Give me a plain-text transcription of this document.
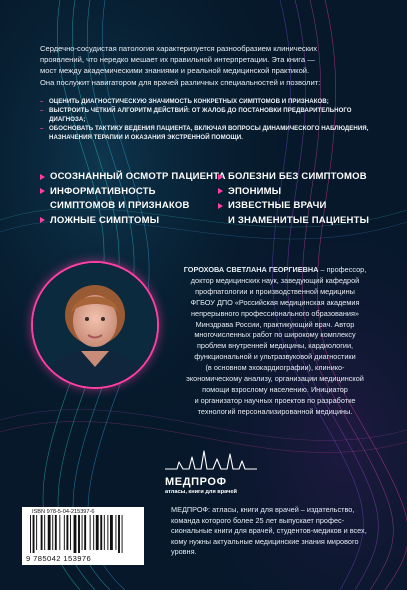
Сердечно-сосудистая патология характеризуется разнообразием клинических

проявлений, что нередко мешает их правильной интерпретации. Эта книга —

мост между академическими знаниями и реальной медицинской практикой.

Она послужит навигатором для врачей различных специальностей и позволит:

– ОЦЕНИТЬ ДИАГНОСТИЧЕСКУЮ ЗНАЧИМОСТЬ КОНКРЕТНЫХ СИМПТОМОВ И ПРИЗНАКОВ;
– ВЫСТРОИТЬ ЧЕТКИЙ АЛГОРИТМ ДЕЙСТВИЙ: ОТ ЖАЛОБ ДО ПОСТАНОВКИ ПРЕДВАРИТЕЛЬНОГО ДИАГНОЗА;
– ОБОСНОВАТЬ ТАКТИКУ ВЕДЕНИЯ ПАЦИЕНТА, ВКЛЮЧАЯ ВОПРОСЫ ДИНАМИЧЕСКОГО НАБЛЮДЕНИЯ,
НАЗНАЧЕНИЯ ТЕРАПИИ И ОКАЗАНИЯ ЭКСТРЕННОЙ ПОМОЩИ.
ОСОЗНАННЫЙ ОСМОТР ПАЦИЕНТА
ИНФОРМАТИВНОСТЬ
СИМПТОМОВ И ПРИЗНАКОВ
ЛОЖНЫЕ СИМПТОМЫ
БОЛЕЗНИ БЕЗ СИМПТОМОВ
ЭПОНИМЫ
ИЗВЕСТНЫЕ ВРАЧИ
И ЗНАМЕНИТЫЕ ПАЦИЕНТЫ
ГОРОХОВА СВЕТЛАНА ГЕОРГИЕВНА – профессор,
доктор медицинских наук, заведующий кафедрой
профпатологии и производственной медицины
ФГБОУ ДПО «Российская медицинская академия
непрерывного профессионального образования»
Минздрава России, практикующий врач. Автор
многочисленных работ по широкому комплексу
проблем внутренней медицины, кардиологии,
функциональной и ультразвуковой диагностики
(в основном эхокардиографии), клинико-
экономическому анализу, организации медицинской
помощи взрослому населению. Инициатор
и организатор научных проектов по разработке
технологий персонализированной медицины.
МЕДПРОФ
атласы, книги для врачей
МЕДПРОФ: атласы, книги для врачей – издательство,
команда которого более 25 лет выпускает профес-
сиональные книги для врачей, студентов-медиков и всех,
кому нужны актуальные медицинские знания мирового
уровня.
ISBN 978-5-04-215397-6
9 785042 153976
